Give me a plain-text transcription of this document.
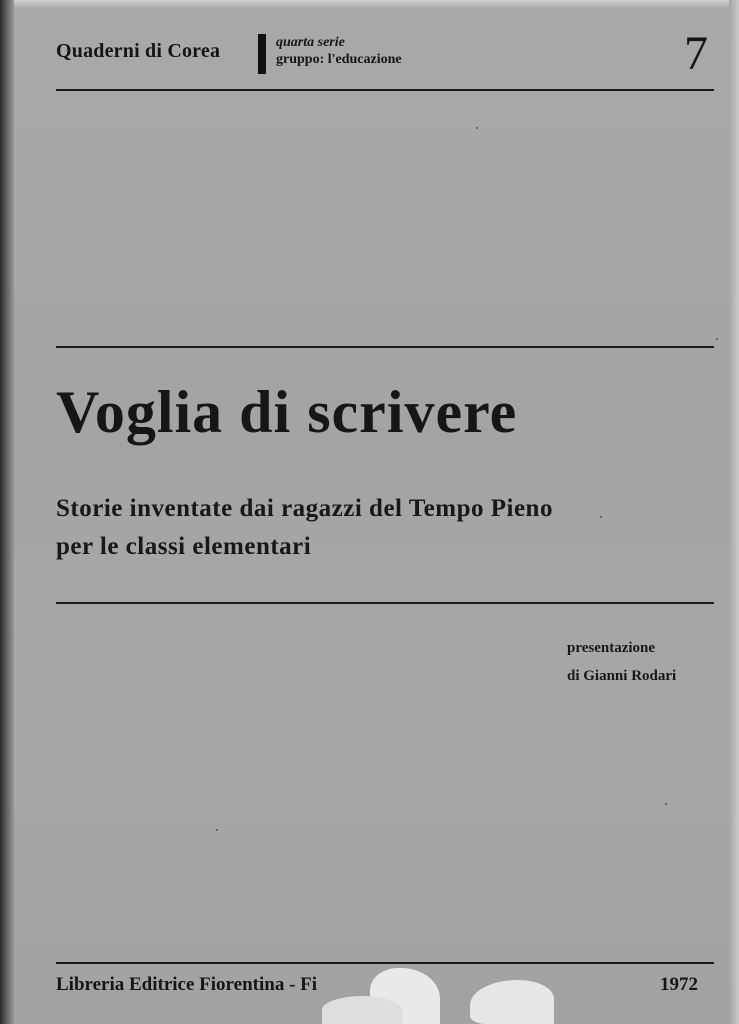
Quaderni di Corea	quarta serie
gruppo: l'educazione	7
Voglia di scrivere
Storie inventate dai ragazzi del Tempo Pieno
per le classi elementari
presentazione
di Gianni Rodari
Libreria Editrice Fiorentina - Fi	1972
